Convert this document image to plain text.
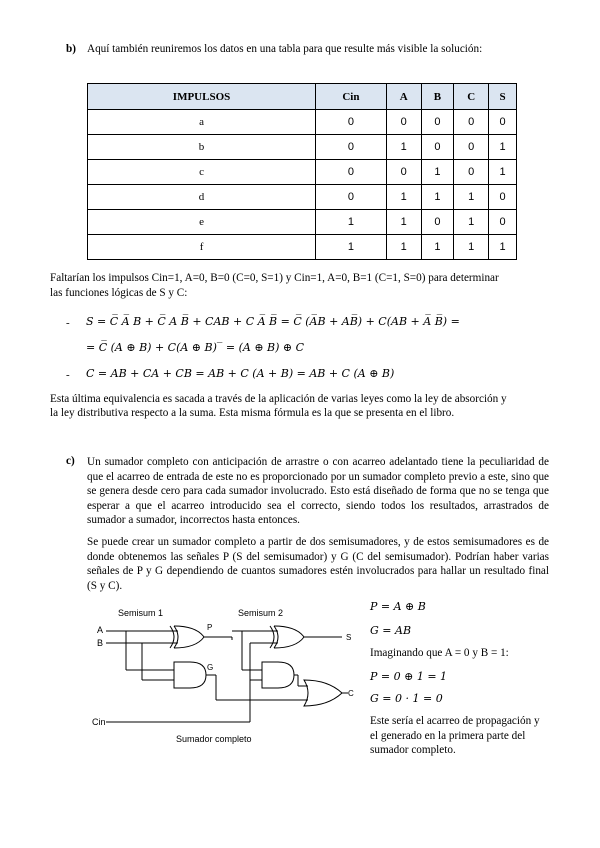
b) Aquí también reuniremos los datos en una tabla para que resulte más visible la solución:
IMPULSOS	Cin	A	B	C	S
a	0	0	0	0	0
b	0	1	0	0	1
c	0	0	1	0	1
d	0	1	1	1	0
e	1	1	0	1	0
f	1	1	1	1	1
Faltarían los impulsos Cin=1, A=0, B=0 (C=0, S=1) y Cin=1, A=0, B=1 (C=1, S=0) para determinar
las funciones lógicas de S y C:
- S = C̅ A̅ B + C̅ A B̅ + CAB + C A̅ B̅ = C̅ (A̅B + AB̅) + C(AB + A̅ B̅) =
= C̅ (A ⊕ B) + C(A ⊕ B)‾ = (A ⊕ B) ⊕ C
- C = AB + CA + CB = AB + C (A + B) = AB + C (A ⊕ B)
Esta última equivalencia es sacada a través de la aplicación de varias leyes como la ley de absorción y
la ley distributiva respecto a la suma. Esta misma fórmula es la que se presenta en el libro.
c) Un sumador completo con anticipación de arrastre o con acarreo adelantado tiene la peculiaridad de que el acarreo de entrada de este no es proporcionado por un sumador completo previo a este, sino que se genera desde cero para cada sumador involucrado. Esto está diseñado de forma que no se tenga que esperar a que el acarreo introducido sea el correcto, siendo todos los resultados, arrastrados de sumador a sumador, incorrectos hasta entonces.
Se puede crear un sumador completo a partir de dos semisumadores, y de estos semisumadores es de donde obtenemos las señales P (S del semisumador) y G (C del semisumador). Podrían haber varias señales de P y G dependiendo de cuantos sumadores estén involucrados para hallar un resultado final (S y C).
Semisum 1	Semisum 2
A
B
P
G
S
C
Cin
Sumador completo
P = A ⊕ B
G = AB
Imaginando que A = 0 y B = 1:
P = 0 ⊕ 1 = 1
G = 0 · 1 = 0
Este sería el acarreo de propagación y el generado en la primera parte del sumador completo.
